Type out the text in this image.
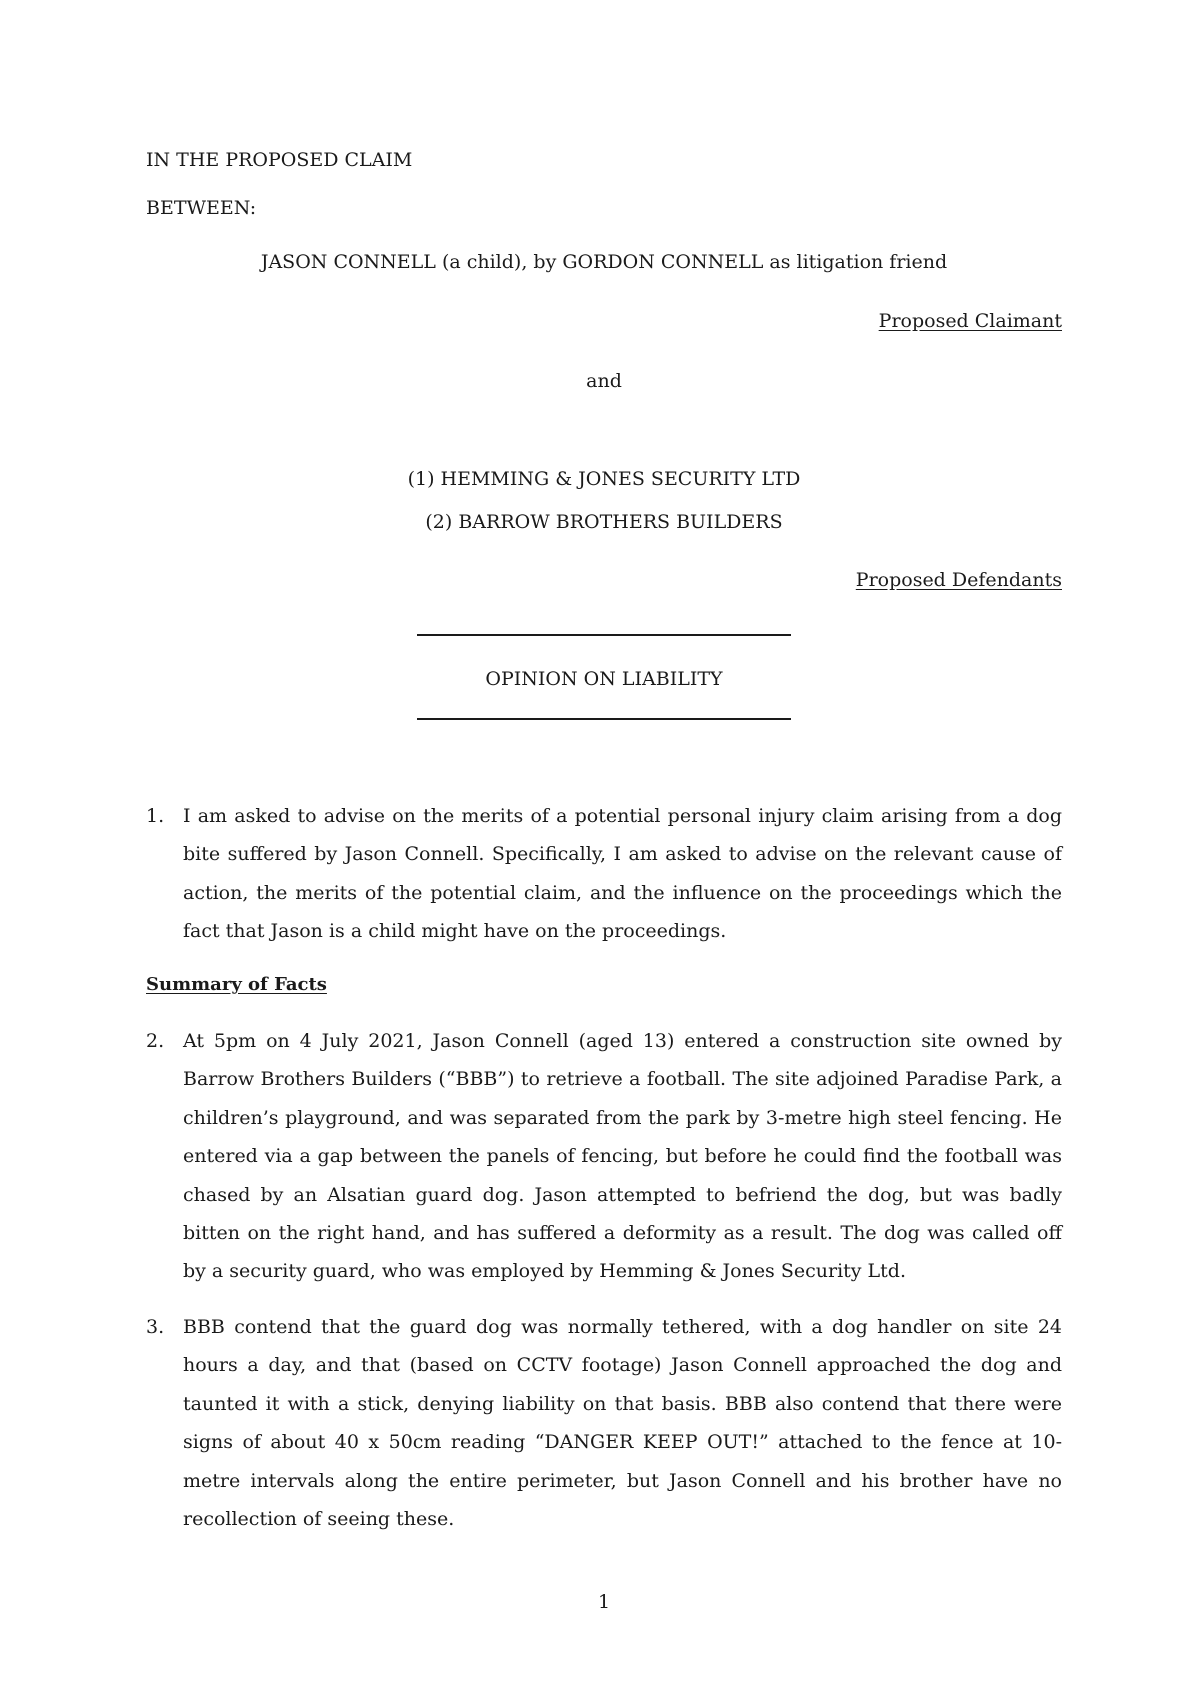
IN THE PROPOSED CLAIM
BETWEEN:
JASON CONNELL (a child), by GORDON CONNELL as litigation friend
Proposed Claimant
and
(1) HEMMING & JONES SECURITY LTD
(2) BARROW BROTHERS BUILDERS
Proposed Defendants
OPINION ON LIABILITY
1. I am asked to advise on the merits of a potential personal injury claim arising from a dog bite suffered by Jason Connell. Specifically, I am asked to advise on the relevant cause of action, the merits of the potential claim, and the influence on the proceedings which the fact that Jason is a child might have on the proceedings.
Summary of Facts
2. At 5pm on 4 July 2021, Jason Connell (aged 13) entered a construction site owned by Barrow Brothers Builders (“BBB”) to retrieve a football. The site adjoined Paradise Park, a children’s playground, and was separated from the park by 3-metre high steel fencing. He entered via a gap between the panels of fencing, but before he could find the football was chased by an Alsatian guard dog. Jason attempted to befriend the dog, but was badly bitten on the right hand, and has suffered a deformity as a result. The dog was called off by a security guard, who was employed by Hemming & Jones Security Ltd.
3. BBB contend that the guard dog was normally tethered, with a dog handler on site 24 hours a day, and that (based on CCTV footage) Jason Connell approached the dog and taunted it with a stick, denying liability on that basis. BBB also contend that there were signs of about 40 x 50cm reading “DANGER KEEP OUT!” attached to the fence at 10-metre intervals along the entire perimeter, but Jason Connell and his brother have no recollection of seeing these.
1
